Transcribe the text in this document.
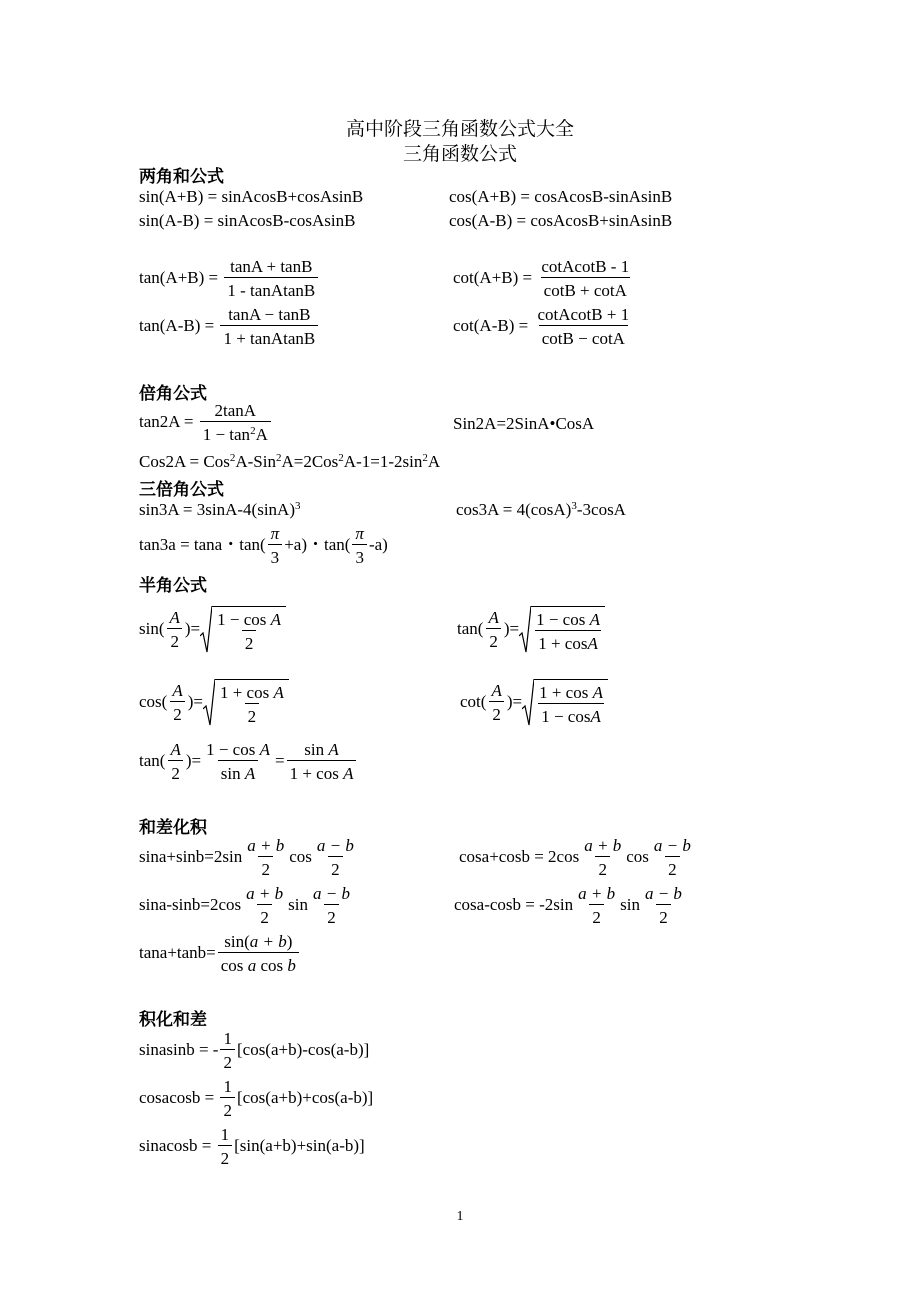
高中阶段三角函数公式大全
三角函数公式
两角和公式
sin(A+B) = sinAcosB+cosAsinB	cos(A+B) = cosAcosB-sinAsinB
sin(A-B) = sinAcosB-cosAsinB	cos(A-B) = cosAcosB+sinAsinB
$\tan(A+B) = \frac{\tan A + \tan B}{\text{1 - tanAtanB}}$	$\cot(A+B) = \frac{\text{cotAcotB - 1}}{\cot B + \cot A}$
$\tan(A-B) = \frac{\tan A - \tan B}{\text{1 + tanAtanB}}$	$\cot(A-B) = \frac{\text{cotAcotB + 1}}{\cot B - \cot A}$
倍角公式
$\tan 2A = \frac{2\tan A}{1 - \tan^2A}$	Sin2A=2SinA•CosA
$Cos2A = Cos^2A-Sin^2A=2Cos^2A-1=1-2\sin^2A$
三倍角公式
$\sin 3A = 3\sin A-4(\sin A)^3$	$\cos 3A = 4(\cos A)^3-3\cos A$
tan3a = tana・$\tan( \frac{\pi}{3} +a)$・$\tan( \frac{\pi}{3} -a)$
半角公式
$\sin( \frac{A}{2}$ )= $\frac{\text{1 − cos A}}{2}$	$\tan( \frac{A}{2}$ )= $\frac{\text{1 − cos A}}{1 + \cos A}$
$\cos( \frac{A}{2}$ )= $\frac{\text{1 + cos A}}{2}$	$\cot( \frac{A}{2}$ )= $\frac{\text{1 + cos A}}{1 - \cos A}$
$\tan( \frac{A}{2}$ )= $\frac{\text{1 − cos A}}{\text{sin A}} = \frac{\text{sin A}}{\text{1 + cos A}}$
和差化积
$\sin a+\sin b=2\sin \frac{a + b}{2}$ $\cos \frac{a - b}{2}$	$\cos a+\cos b = 2\cos \frac{a + b}{2}$ $\cos \frac{a - b}{2}$
$\sin a-\sin b=2\cos \frac{a + b}{2}$ $\sin \frac{a - b}{2}$	$\cos a-\cos b = -2\sin \frac{a + b}{2}$ $\sin \frac{a - b}{2}$
$\tan a+\tan b= \frac{\sin(a + b)}{\text{cos a cos b}}$
积化和差
sinasinb = - $\frac{1}{2} [\cos(a+b)-\cos(a-b)]$
cosacosb = $\frac{1}{2} [\cos(a+b)+\cos(a-b)]$
sinacosb = $\frac{1}{2} [\sin(a+b)+\sin(a-b)]$
1
